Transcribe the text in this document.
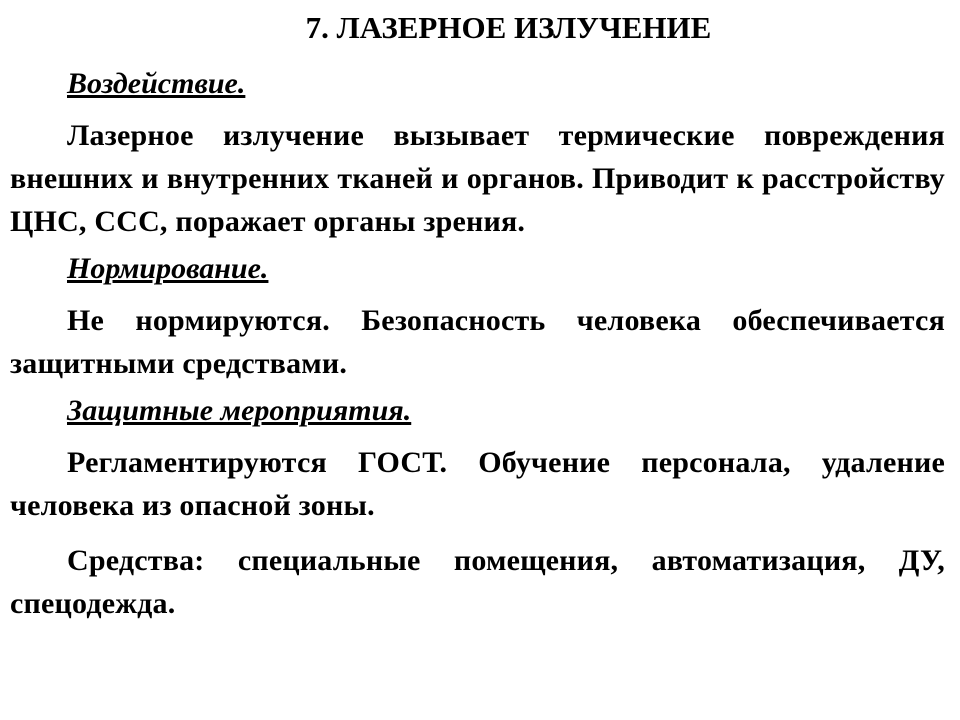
7. ЛАЗЕРНОЕ ИЗЛУЧЕНИЕ
Воздействие.

Лазерное излучение вызывает термические повреждения внешних и внутренних тканей и органов. Приводит к расстройству ЦНС, ССС, поражает органы зрения.

Нормирование.

Не нормируются. Безопасность человека обеспечивается защитными средствами.

Защитные мероприятия.

Регламентируются ГОСТ. Обучение персонала, удаление человека из опасной зоны.

Средства: специальные помещения, автоматизация, ДУ, спецодежда.
